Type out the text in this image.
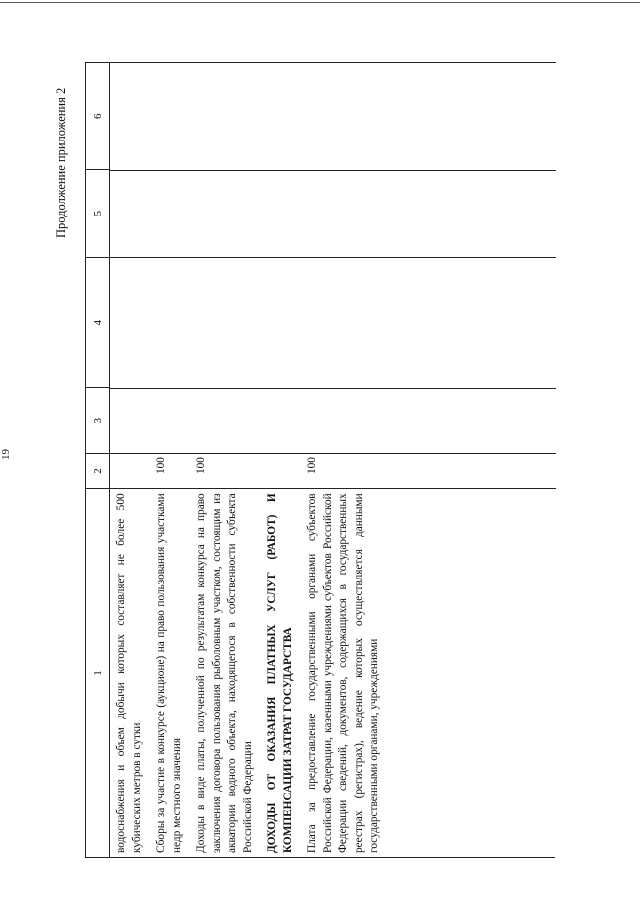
19
Продолжение приложения 2
1
2
3
4
5
6
водоснабжения и объем добычи которых составляет не более 500 кубических метров в сутки Сборы за участие в конкурсе (аукционе) на право пользования участками недр местного значения
100
Доходы в виде платы, полученной по результатам конкурса на право заключения договора пользования рыболовным участком, состоящим из акватории водного объекта, находящегося в собственности субъекта Российской Федерации
100
ДОХОДЫ ОТ ОКАЗАНИЯ ПЛАТНЫХ УСЛУГ (РАБОТ) И КОМПЕНСАЦИИ ЗАТРАТ ГОСУДАРСТВА Плата за предоставление государственными органами субъектов Российской Федерации, казенными учреждениями субъектов Российской Федерации сведений, документов, содержащихся в государственных реестрах (регистрах), ведение которых осуществляется данными государственными органами, учреждениями
100
